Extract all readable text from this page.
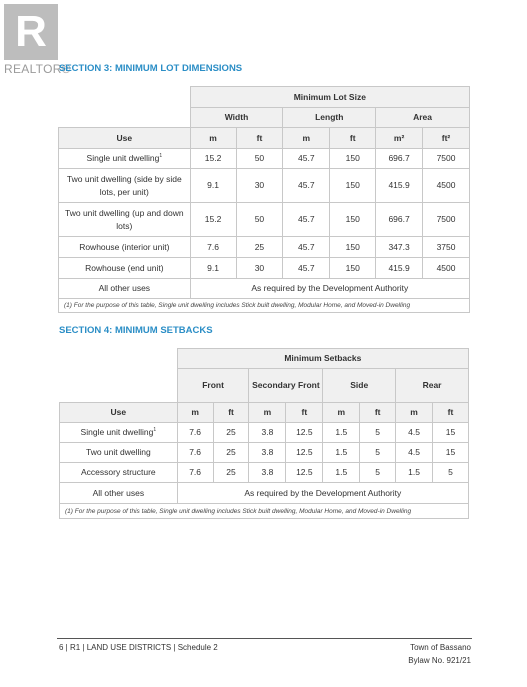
R
REALTOR®
SECTION 3: MINIMUM LOT DIMENSIONS
	Minimum Lot Size					
	Width		Length		Area	
Use	m	ft	m	ft	m²	ft²
Single unit dwelling$^1$	15.2	50	45.7	150	696.7	7500
Two unit dwelling (side by side lots, per unit)	9.1	30	45.7	150	415.9	4500
Two unit dwelling (up and down lots)	15.2	50	45.7	150	696.7	7500
Rowhouse (interior unit)	7.6	25	45.7	150	347.3	3750
Rowhouse (end unit)	9.1	30	45.7	150	415.9	4500
All other uses	As required by the Development Authority					
(1) For the purpose of this table, Single unit dwelling includes Stick built dwelling, Modular Home, and Moved-in Dwelling						
SECTION 4: MINIMUM SETBACKS
	Minimum Setbacks							
	Front		Secondary Front		Side		Rear	
Use	m	ft	m	ft	m	ft	m	ft
Single unit dwelling$^1$	7.6	25	3.8	12.5	1.5	5	4.5	15
Two unit dwelling	7.6	25	3.8	12.5	1.5	5	4.5	15
Accessory structure	7.6	25	3.8	12.5	1.5	5	1.5	5
All other uses	As required by the Development Authority							
(1) For the purpose of this table, Single unit dwelling includes Stick built dwelling, Modular Home, and Moved-in Dwelling								
6 | R1 | LAND USE DISTRICTS | Schedule 2	Town of Bassano
Bylaw No. 921/21
